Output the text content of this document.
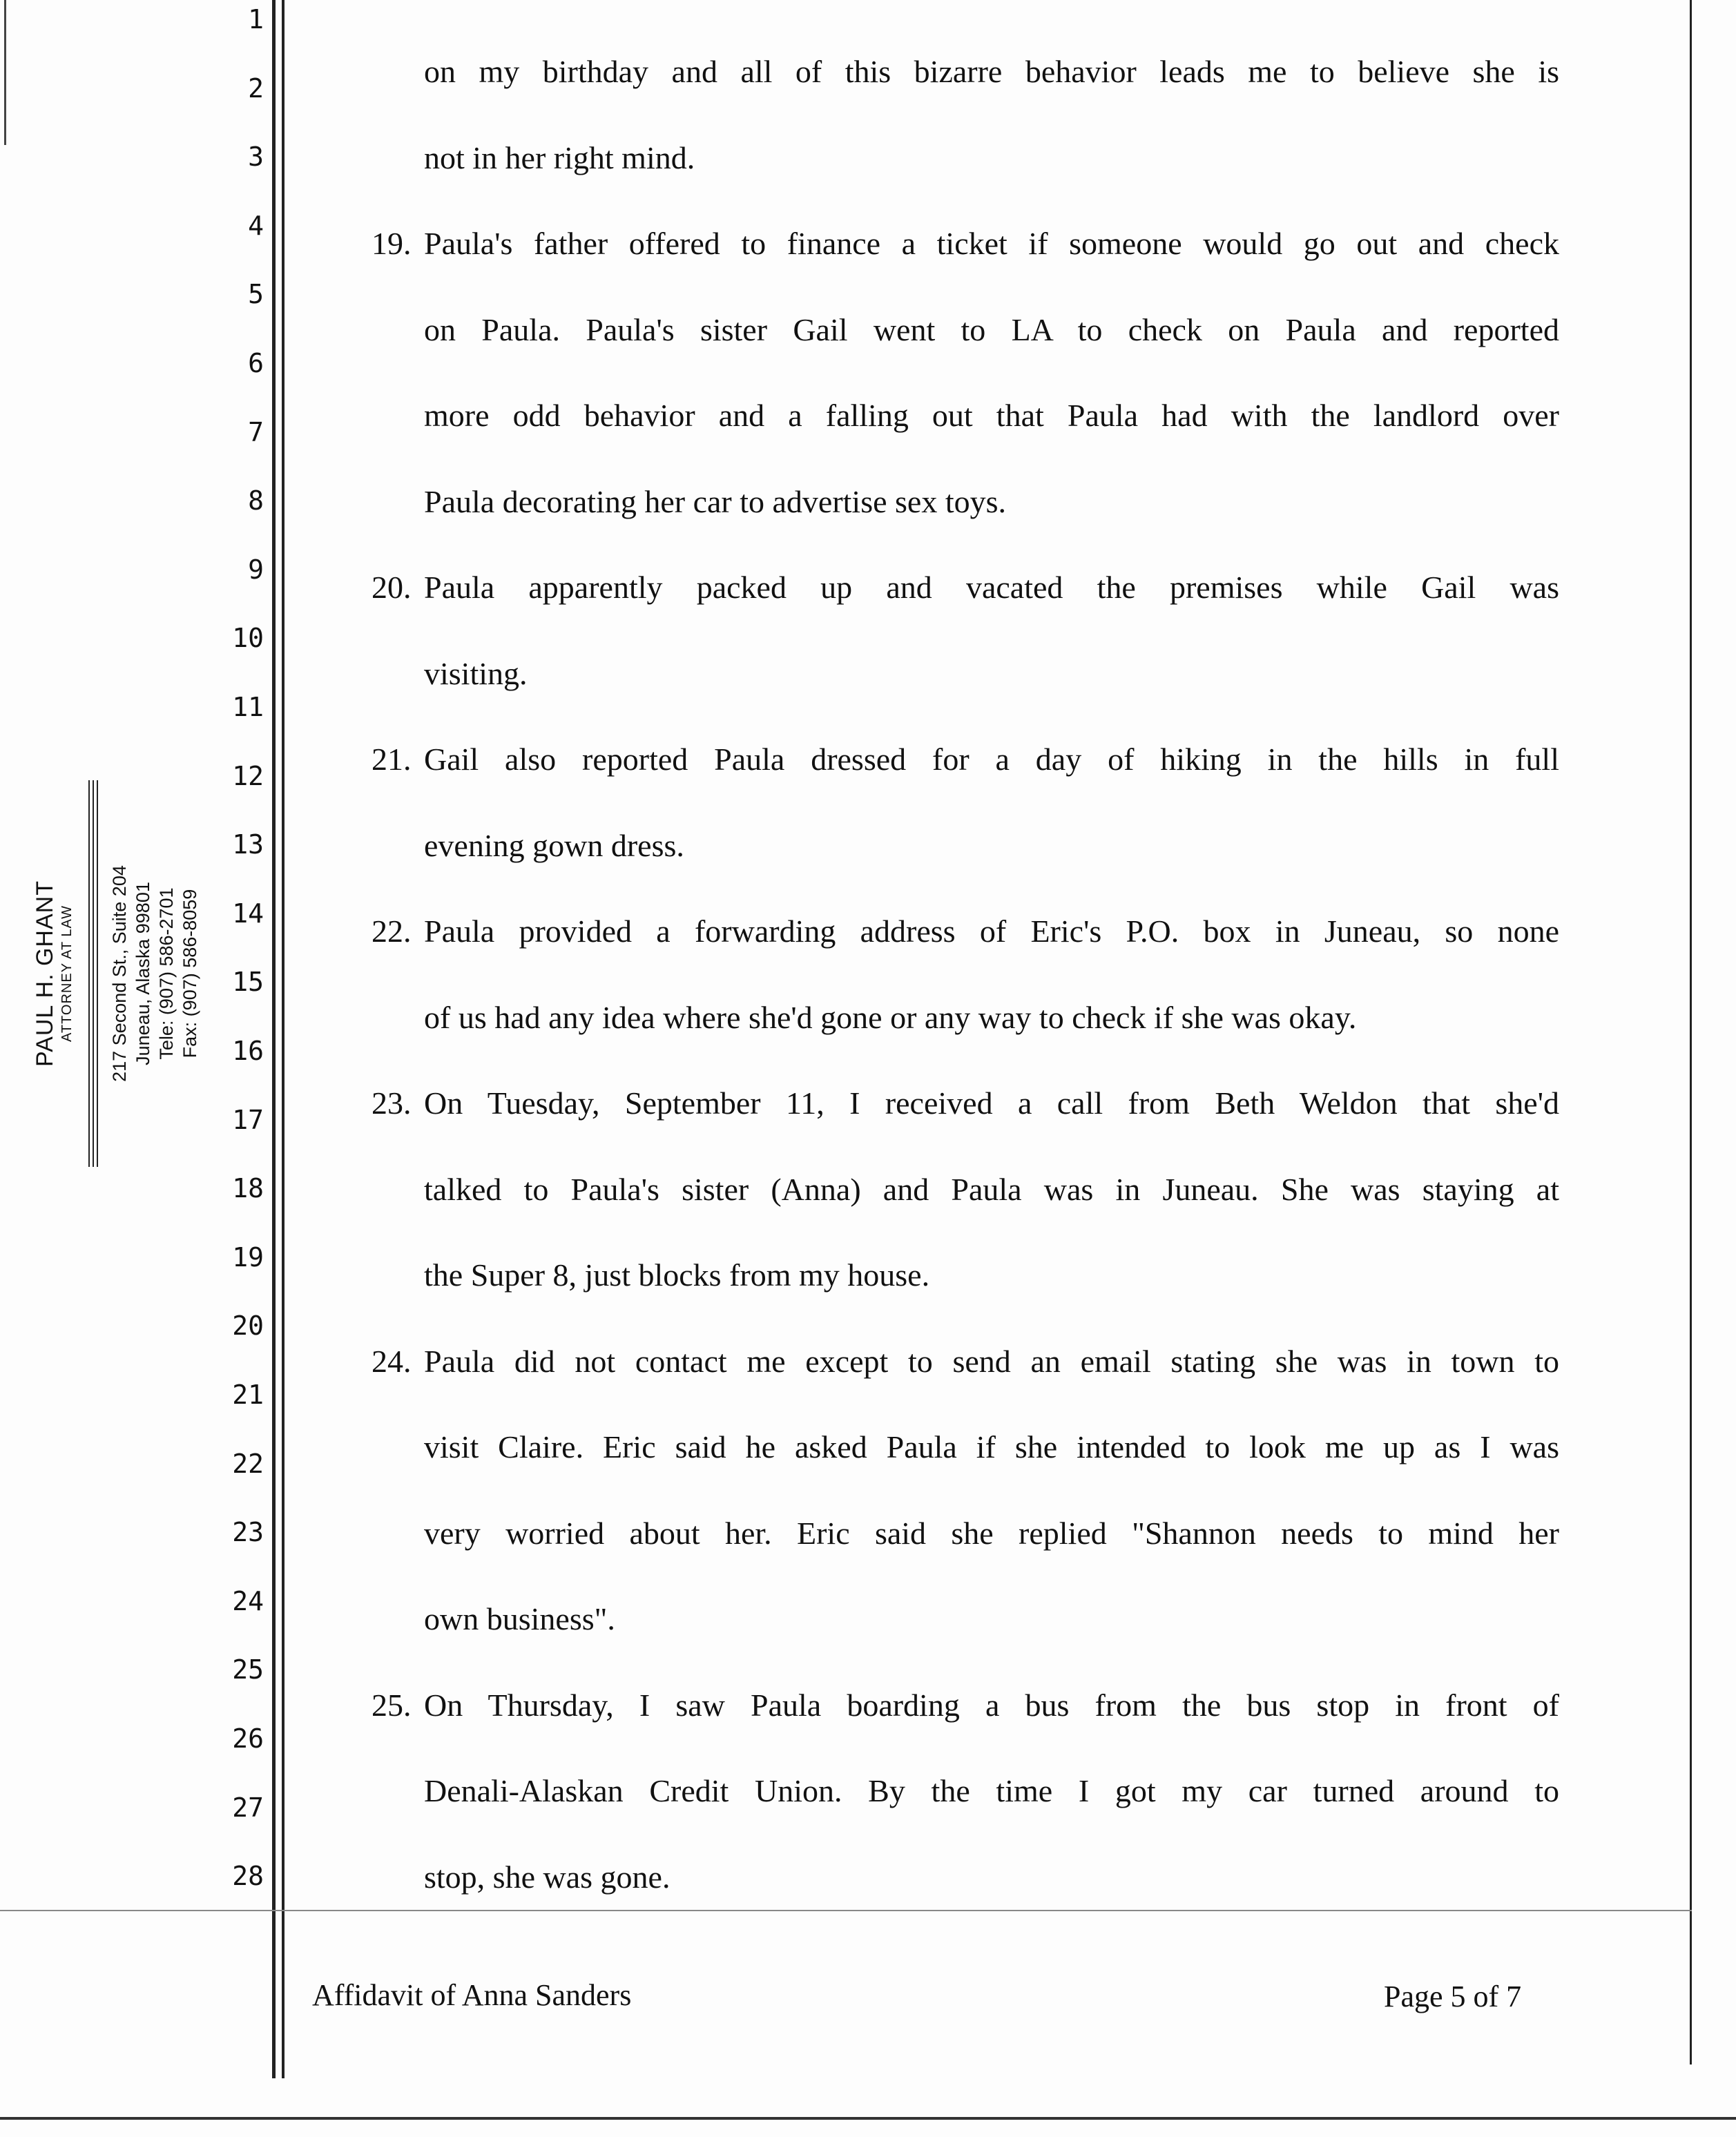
PAUL H. GHANT ATTORNEY AT LAW 217 Second St., Suite 204 Juneau, Alaska 99801 Tele: (907) 586-2701 Fax: (907) 586-8059
1
2
3
4
5
6
7
8
9
10
11
12
13
14
15
16
17
18
19
20
21
22
23
24
25
26
27
28
on my birthday and all of this bizarre behavior leads me to believe she is
not in her right mind.
19. Paula's father offered to finance a ticket if someone would go out and check
on Paula. Paula's sister Gail went to LA to check on Paula and reported
more odd behavior and a falling out that Paula had with the landlord over
Paula decorating her car to advertise sex toys.
20. Paula apparently packed up and vacated the premises while Gail was
visiting.
21. Gail also reported Paula dressed for a day of hiking in the hills in full
evening gown dress.
22. Paula provided a forwarding address of Eric's P.O. box in Juneau, so none
of us had any idea where she'd gone or any way to check if she was okay.
23. On Tuesday, September 11, I received a call from Beth Weldon that she'd
talked to Paula's sister (Anna) and Paula was in Juneau. She was staying at
the Super 8, just blocks from my house.
24. Paula did not contact me except to send an email stating she was in town to
visit Claire. Eric said he asked Paula if she intended to look me up as I was
very worried about her. Eric said she replied "Shannon needs to mind her
own business".
25. On Thursday, I saw Paula boarding a bus from the bus stop in front of
Denali-Alaskan Credit Union. By the time I got my car turned around to
stop, she was gone.
Affidavit of Anna Sanders	Page 5 of 7
